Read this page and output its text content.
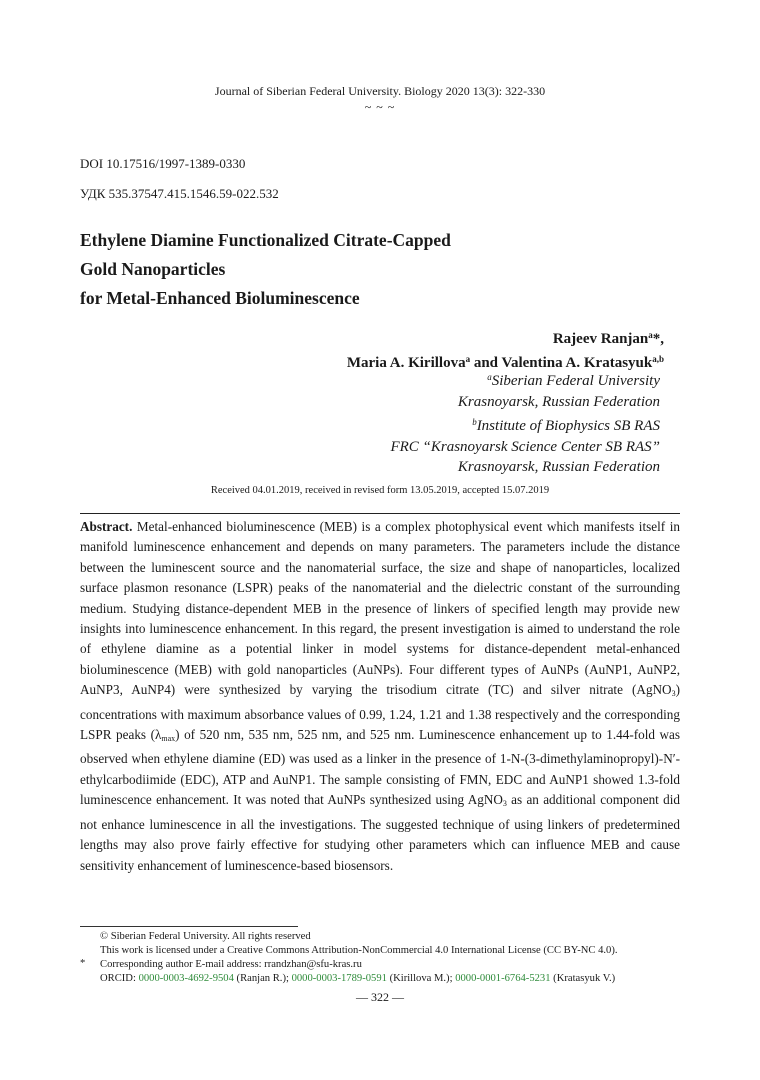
Journal of Siberian Federal University. Biology 2020 13(3): 322-330
~ ~ ~
DOI 10.17516/1997-1389-0330
УДК 535.37547.415.1546.59-022.532
Ethylene Diamine Functionalized Citrate-Capped
Gold Nanoparticles
for Metal-Enhanced Bioluminescence
Rajeev Ranjan$^a$*,
Maria A. Kirillova$^a$ and Valentina A. Kratasyuk$^{a,b}$
$^a$Siberian Federal University
Krasnoyarsk, Russian Federation
$^b$Institute of Biophysics SB RAS
FRC “Krasnoyarsk Science Center SB RAS”
Krasnoyarsk, Russian Federation
Received 04.01.2019, received in revised form 13.05.2019, accepted 15.07.2019
Abstract. Metal-enhanced bioluminescence (MEB) is a complex photophysical event which manifests itself in manifold luminescence enhancement and depends on many parameters. The parameters include the distance between the luminescent source and the nanomaterial surface, the size and shape of nanoparticles, localized surface plasmon resonance (LSPR) peaks of the nanomaterial and the dielectric constant of the surrounding medium. Studying distance-dependent MEB in the presence of linkers of specified length may provide new insights into luminescence enhancement. In this regard, the present investigation is aimed to understand the role of ethylene diamine as a potential linker in model systems for distance-dependent metal-enhanced bioluminescence (MEB) with gold nanoparticles (AuNPs). Four different types of AuNPs (AuNP1, AuNP2, AuNP3, AuNP4) were synthesized by varying the trisodium citrate (TC) and silver nitrate (AgNO$_3$) concentrations with maximum absorbance values of 0.99, 1.24, 1.21 and 1.38 respectively and the corresponding LSPR peaks $(\lambda_{max})$ of 520 nm, 535 nm, 525 nm, and 525 nm. Luminescence enhancement up to 1.44-fold was observed when ethylene diamine (ED) was used as a linker in the presence of 1-N-(3-dimethylaminopropyl)-N′-ethylcarbodiimide (EDC), ATP and AuNP1. The sample consisting of FMN, EDC and AuNP1 showed 1.3-fold luminescence enhancement. It was noted that AuNPs synthesized using AgNO$_3$ as an additional component did not enhance luminescence in all the investigations. The suggested technique of using linkers of predetermined lengths may also prove fairly effective for studying other parameters which can influence MEB and cause sensitivity enhancement of luminescence-based biosensors.
© Siberian Federal University. All rights reserved
This work is licensed under a Creative Commons Attribution-NonCommercial 4.0 International License (CC BY-NC 4.0).
* Corresponding author E-mail address: rrandzhan@sfu-kras.ru
ORCID: 0000-0003-4692-9504 (Ranjan R.); 0000-0003-1789-0591 (Kirillova M.); 0000-0001-6764-5231 (Kratasyuk V.)
— 322 —
